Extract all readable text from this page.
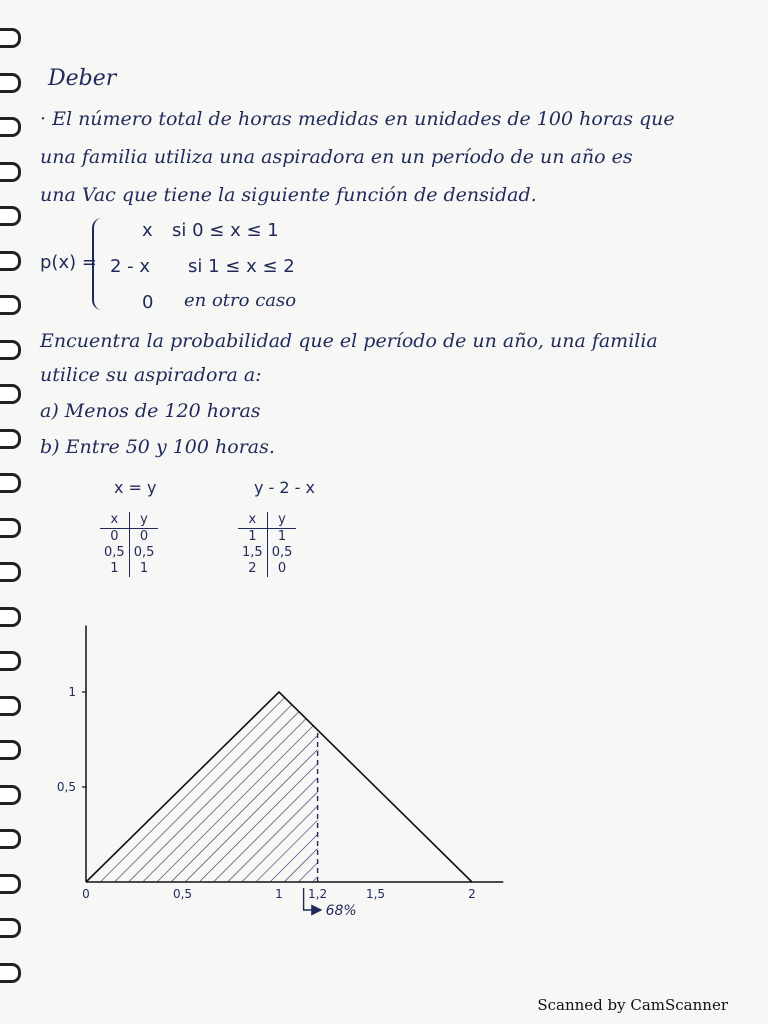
Deber
· El número total de horas medidas en unidades de 100 horas que
una familia utiliza una aspiradora en un período de un año es
una Vac que tiene la siguiente función de densidad.
p(x) =
x si 0 ≤ x ≤ 1
2 - x si 1 ≤ x ≤ 2
0 en otro caso
Encuentra la probabilidad que el período de un año, una familia
utilice su aspiradora a:
a) Menos de 120 horas
b) Entre 50 y 100 horas.
x = y
x	y
0	0
0,5	0,5
1	1
y - 2 - x
x	y
1	1
1,5	0,5
2	0
0	0,5	1 1,2	1,5	2
0,5
1
68%
Scanned by CamScanner
